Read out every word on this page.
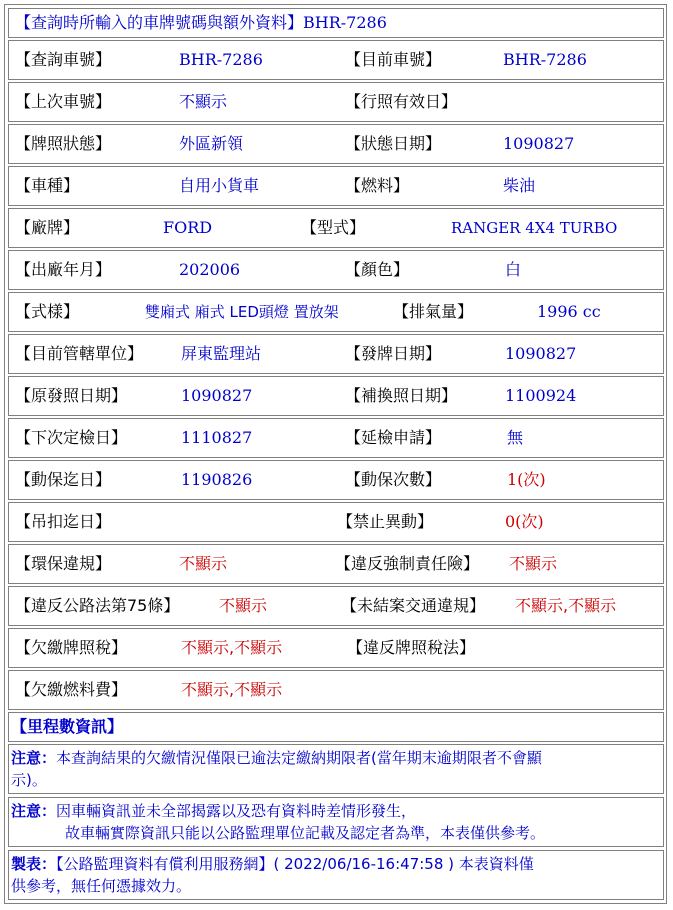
【查詢時所輸入的車牌號碼與額外資料】BHR-7286
【查詢車號】	BHR-7286	【目前車號】	BHR-7286
【上次車號】	不顯示	【行照有效日】
【牌照狀態】	外區新領	【狀態日期】	1090827
【車種】	自用小貨車	【燃料】	柴油
【廠牌】	FORD	【型式】	RANGER 4X4 TURBO
【出廠年月】	202006	【顏色】	白
【式樣】	雙廂式 廂式 LED頭燈 置放架	【排氣量】	1996 cc
【目前管轄單位】 屏東監理站	【發牌日期】	1090827
【原發照日期】	1090827	【補換照日期】	1100924
【下次定檢日】	1110827	【延檢申請】	無
【動保迄日】	1190826	【動保次數】	1(次)
【吊扣迄日】	【禁止異動】	0(次)
【環保違規】	不顯示	【違反強制責任險】 不顯示
【違反公路法第75條】 不顯示	【未結案交通違規】 不顯示,不顯示
【欠繳牌照稅】	不顯示,不顯示	【違反牌照稅法】
【欠繳燃料費】	不顯示,不顯示
【里程數資訊】
注意：本查詢結果的欠繳情況僅限已逾法定繳納期限者(當年期末逾期限者不會顯
示)。
注意：因車輛資訊並未全部揭露以及恐有資料時差情形發生，
故車輛實際資訊只能以公路監理單位記載及認定者為準，本表僅供參考。
製表：【公路監理資料有償利用服務網】( 2022/06/16-16:47:58 ) 本表資料僅
供參考，無任何憑據效力。
